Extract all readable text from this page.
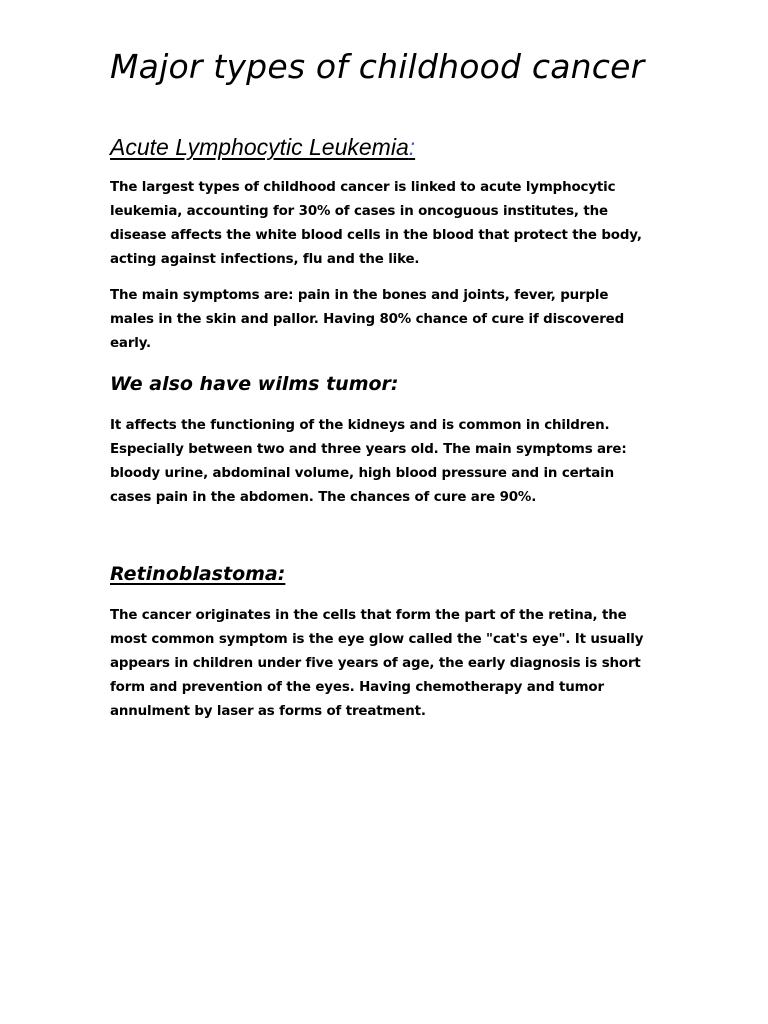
Major types of childhood cancer
Acute Lymphocytic Leukemia:

The largest types of childhood cancer is linked to acute lymphocytic
leukemia, accounting for 30% of cases in oncoguous institutes, the
disease affects the white blood cells in the blood that protect the body,
acting against infections, flu and the like.

The main symptoms are: pain in the bones and joints, fever, purple
males in the skin and pallor. Having 80% chance of cure if discovered
early.

We also have wilms tumor:

It affects the functioning of the kidneys and is common in children.
Especially between two and three years old. The main symptoms are:
bloody urine, abdominal volume, high blood pressure and in certain
cases pain in the abdomen. The chances of cure are 90%.

Retinoblastoma:

The cancer originates in the cells that form the part of the retina, the
most common symptom is the eye glow called the "cat's eye". It usually
appears in children under five years of age, the early diagnosis is short
form and prevention of the eyes. Having chemotherapy and tumor
annulment by laser as forms of treatment.
